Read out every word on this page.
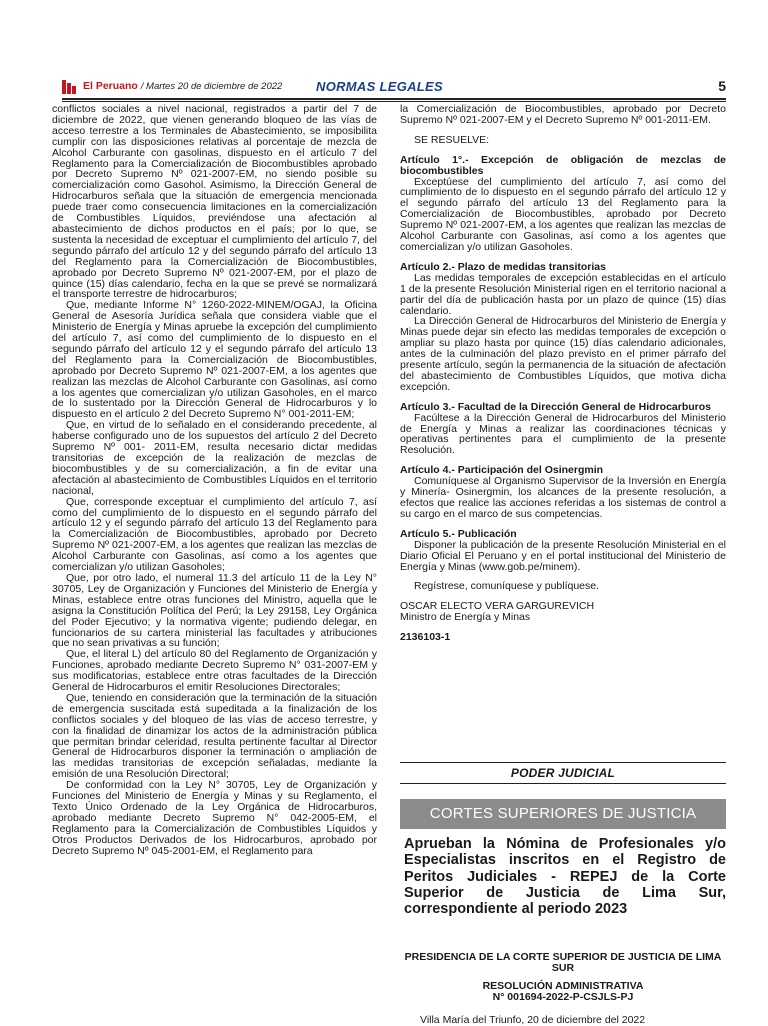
El Peruano / Martes 20 de diciembre de 2022	NORMAS LEGALES	5

conflictos sociales a nivel nacional, registrados a partir del 7 de diciembre de 2022, que vienen generando bloqueo de las vías de acceso terrestre a los Terminales de Abastecimiento, se imposibilita cumplir con las disposiciones relativas al porcentaje de mezcla de Alcohol Carburante con gasolinas, dispuesto en el artículo 7 del Reglamento para la Comercialización de Biocombustibles aprobado por Decreto Supremo Nº 021-2007-EM, no siendo posible su comercialización como Gasohol. Asimismo, la Dirección General de Hidrocarburos señala que la situación de emergencia mencionada puede traer como consecuencia limitaciones en la comercialización de Combustibles Líquidos, previéndose una afectación al abastecimiento de dichos productos en el país; por lo que, se sustenta la necesidad de exceptuar el cumplimiento del artículo 7, del segundo párrafo del artículo 12 y del segundo párrafo del artículo 13 del Reglamento para la Comercialización de Biocombustibles, aprobado por Decreto Supremo Nº 021-2007-EM, por el plazo de quince (15) días calendario, fecha en la que se prevé se normalizará el transporte terrestre de hidrocarburos;

Que, mediante Informe N° 1260-2022-MINEM/OGAJ, la Oficina General de Asesoría Jurídica señala que considera viable que el Ministerio de Energía y Minas apruebe la excepción del cumplimiento del artículo 7, así como del cumplimiento de lo dispuesto en el segundo párrafo del artículo 12 y el segundo párrafo del artículo 13 del Reglamento para la Comercialización de Biocombustibles, aprobado por Decreto Supremo Nº 021-2007-EM, a los agentes que realizan las mezclas de Alcohol Carburante con Gasolinas, así como a los agentes que comercializan y/o utilizan Gasoholes, en el marco de lo sustentado por la Dirección General de Hidrocarburos y lo dispuesto en el artículo 2 del Decreto Supremo N° 001-2011-EM;

Que, en virtud de lo señalado en el considerando precedente, al haberse configurado uno de los supuestos del artículo 2 del Decreto Supremo Nº 001- 2011-EM, resulta necesario dictar medidas transitorias de excepción de la realización de mezclas de biocombustibles y de su comercialización, a fin de evitar una afectación al abastecimiento de Combustibles Líquidos en el territorio nacional,

Que, corresponde exceptuar el cumplimiento del artículo 7, así como del cumplimiento de lo dispuesto en el segundo párrafo del artículo 12 y el segundo párrafo del artículo 13 del Reglamento para la Comercialización de Biocombustibles, aprobado por Decreto Supremo Nº 021-2007-EM, a los agentes que realizan las mezclas de Alcohol Carburante con Gasolinas, así como a los agentes que comercializan y/o utilizan Gasoholes;

Que, por otro lado, el numeral 11.3 del artículo 11 de la Ley N° 30705, Ley de Organización y Funciones del Ministerio de Energía y Minas, establece entre otras funciones del Ministro, aquella que le asigna la Constitución Política del Perú; la Ley 29158, Ley Orgánica del Poder Ejecutivo; y la normativa vigente; pudiendo delegar, en funcionarios de su cartera ministerial las facultades y atribuciones que no sean privativas a su función;

Que, el literal L) del artículo 80 del Reglamento de Organización y Funciones, aprobado mediante Decreto Supremo N° 031-2007-EM y sus modificatorias, establece entre otras facultades de la Dirección General de Hidrocarburos el emitir Resoluciones Directorales;

Que, teniendo en consideración que la terminación de la situación de emergencia suscitada está supeditada a la finalización de los conflictos sociales y del bloqueo de las vías de acceso terrestre, y con la finalidad de dinamizar los actos de la administración pública que permitan brindar celeridad, resulta pertinente facultar al Director General de Hidrocarburos disponer la terminación o ampliación de las medidas transitorias de excepción señaladas, mediante la emisión de una Resolución Directoral;

De conformidad con la Ley N° 30705, Ley de Organización y Funciones del Ministerio de Energía y Minas y su Reglamento, el Texto Único Ordenado de la Ley Orgánica de Hidrocarburos, aprobado mediante Decreto Supremo N° 042-2005-EM, el Reglamento para la Comercialización de Combustibles Líquidos y Otros Productos Derivados de los Hidrocarburos, aprobado por Decreto Supremo Nº 045-2001-EM, el Reglamento para

la Comercialización de Biocombustibles, aprobado por Decreto Supremo Nº 021-2007-EM y el Decreto Supremo Nº 001-2011-EM.

SE RESUELVE:

Artículo 1°.- Excepción de obligación de mezclas de biocombustibles

Exceptúese del cumplimiento del artículo 7, así como del cumplimiento de lo dispuesto en el segundo párrafo del artículo 12 y el segundo párrafo del artículo 13 del Reglamento para la Comercialización de Biocombustibles, aprobado por Decreto Supremo Nº 021-2007-EM, a los agentes que realizan las mezclas de Alcohol Carburante con Gasolinas, así como a los agentes que comercializan y/o utilizan Gasoholes.

Artículo 2.- Plazo de medidas transitorias

Las medidas temporales de excepción establecidas en el artículo 1 de la presente Resolución Ministerial rigen en el territorio nacional a partir del día de publicación hasta por un plazo de quince (15) días calendario.

La Dirección General de Hidrocarburos del Ministerio de Energía y Minas puede dejar sin efecto las medidas temporales de excepción o ampliar su plazo hasta por quince (15) días calendario adicionales, antes de la culminación del plazo previsto en el primer párrafo del presente artículo, según la permanencia de la situación de afectación del abastecimiento de Combustibles Líquidos, que motiva dicha excepción.

Artículo 3.- Facultad de la Dirección General de Hidrocarburos

Facúltese a la Dirección General de Hidrocarburos del Ministerio de Energía y Minas a realizar las coordinaciones técnicas y operativas pertinentes para el cumplimiento de la presente Resolución.

Artículo 4.- Participación del Osinergmin

Comuníquese al Organismo Supervisor de la Inversión en Energía y Minería- Osinergmin, los alcances de la presente resolución, a efectos que realice las acciones referidas a los sistemas de control a su cargo en el marco de sus competencias.

Artículo 5.- Publicación

Disponer la publicación de la presente Resolución Ministerial en el Diario Oficial El Peruano y en el portal institucional del Ministerio de Energía y Minas (www.gob.pe/minem).

Regístrese, comuníquese y publíquese.

OSCAR ELECTO VERA GARGUREVICH

Ministro de Energía y Minas

2136103-1

PODER JUDICIAL
CORTES SUPERIORES DE JUSTICIA

Aprueban la Nómina de Profesionales y/o Especialistas inscritos en el Registro de Peritos Judiciales - REPEJ de la Corte Superior de Justicia de Lima Sur, correspondiente al periodo 2023

PRESIDENCIA DE LA CORTE SUPERIOR DE JUSTICIA DE LIMA SUR

RESOLUCIÓN ADMINISTRATIVA

N° 001694-2022-P-CSJLS-PJ

Villa María del Triunfo, 20 de diciembre del 2022
